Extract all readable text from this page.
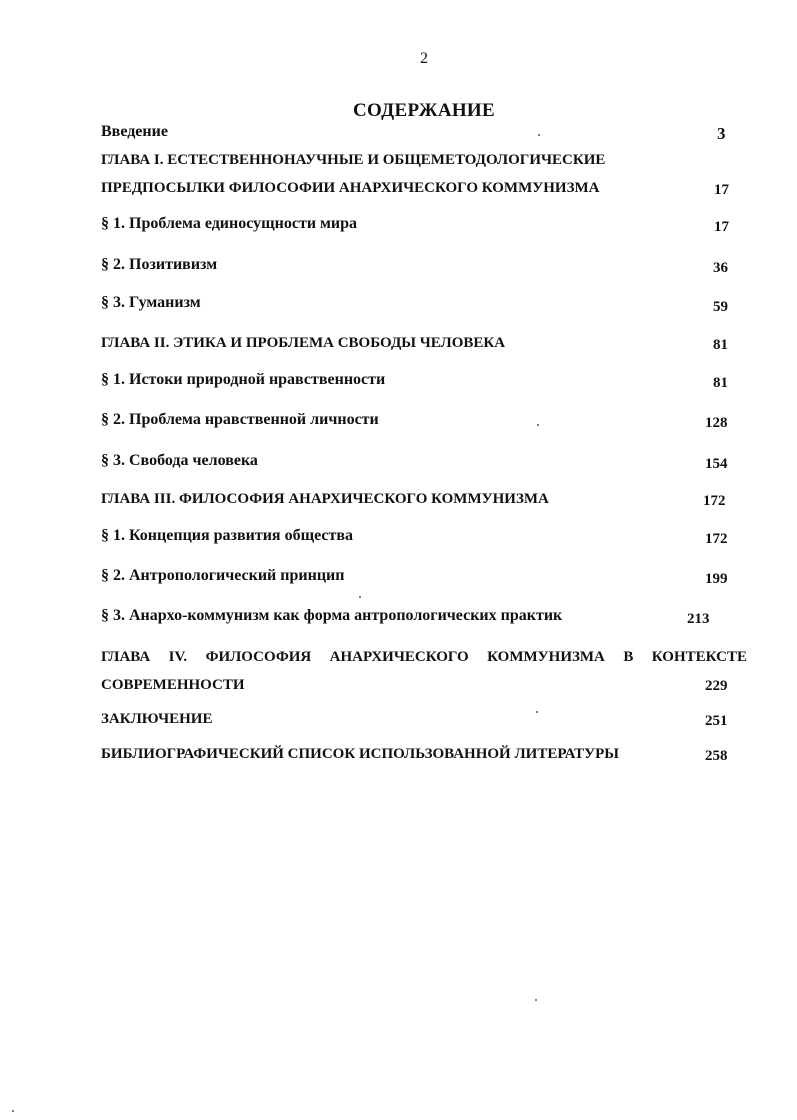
2
СОДЕРЖАНИЕ
Введение	3
ГЛАВА I. ЕСТЕСТВЕННОНАУЧНЫЕ И ОБЩЕМЕТОДОЛОГИЧЕСКИЕ
ПРЕДПОСЫЛКИ ФИЛОСОФИИ АНАРХИЧЕСКОГО КОММУНИЗМА	17
§ 1. Проблема единосущности мира	17
§ 2. Позитивизм	36
§ 3. Гуманизм	59
ГЛАВА II. ЭТИКА И ПРОБЛЕМА СВОБОДЫ ЧЕЛОВЕКА	81
§ 1. Истоки природной нравственности	81
§ 2. Проблема нравственной личности	128
§ 3. Свобода человека	154
ГЛАВА III. ФИЛОСОФИЯ АНАРХИЧЕСКОГО КОММУНИЗМА	172
§ 1. Концепция развития общества	172
§ 2. Антропологический принцип	199
§ 3. Анархо-коммунизм как форма антропологических практик	213
ГЛАВА IV. ФИЛОСОФИЯ АНАРХИЧЕСКОГО КОММУНИЗМА В КОНТЕКСТЕ
СОВРЕМЕННОСТИ	229
ЗАКЛЮЧЕНИЕ	251
БИБЛИОГРАФИЧЕСКИЙ СПИСОК ИСПОЛЬЗОВАННОЙ ЛИТЕРАТУРЫ	258
